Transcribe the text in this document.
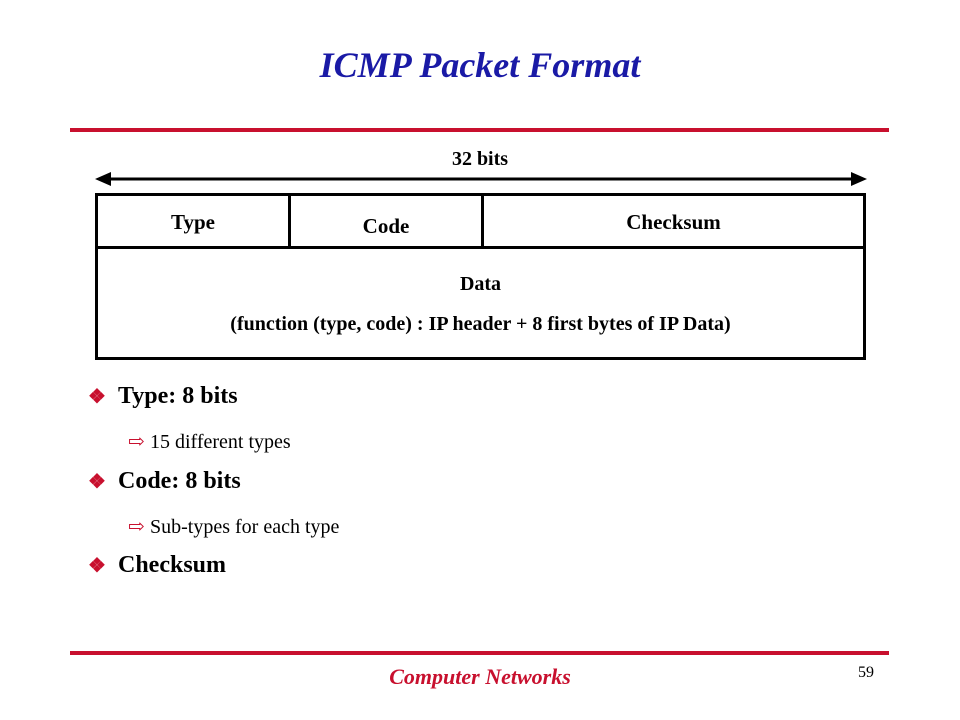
ICMP Packet Format
32 bits
Type	Code	Checksum
Data
(function (type, code) : IP header + 8 first bytes of IP Data)
❖ Type: 8 bits
⇨ 15 different types
❖ Code: 8 bits
⇨ Sub-types for each type
❖ Checksum
Computer Networks	59
